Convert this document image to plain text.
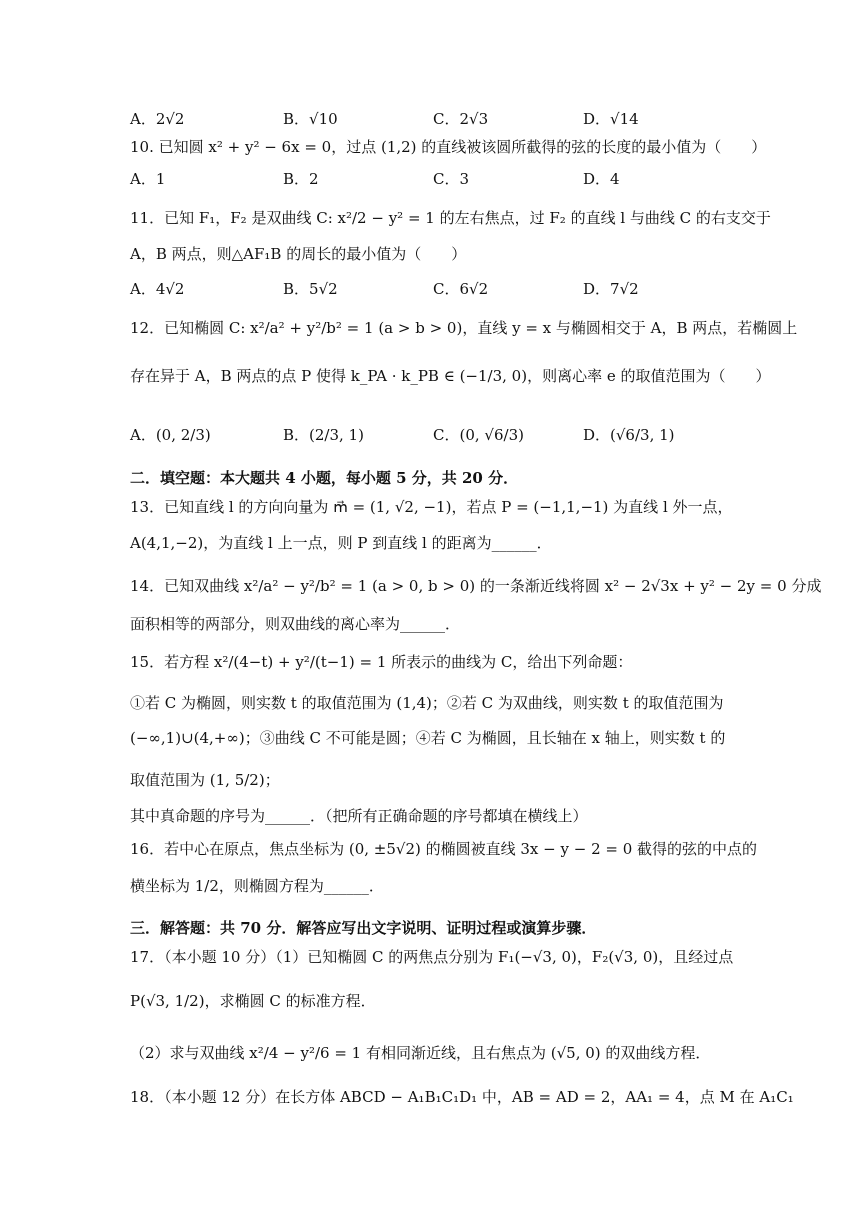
A．2√2	B．√10	C．2√3	D．√14
10. 已知圆 x² + y² − 6x = 0，过点 (1,2) 的直线被该圆所截得的弦的长度的最小值为（　　）
A．1	B．2	C．3	D．4
11．已知 F₁，F₂ 是双曲线 C: x²/2 − y² = 1 的左右焦点，过 F₂ 的直线 l 与曲线 C 的右支交于
A，B 两点，则△AF₁B 的周长的最小值为（　　）
A．4√2	B．5√2	C．6√2	D．7√2
12．已知椭圆 C: x²/a² + y²/b² = 1 (a > b > 0)，直线 y = x 与椭圆相交于 A，B 两点，若椭圆上
存在异于 A，B 两点的点 P 使得 k_PA · k_PB ∈ (−1/3, 0)，则离心率 e 的取值范围为（　　）
A．(0, 2/3)	B．(2/3, 1)	C．(0, √6/3)	D．(√6/3, 1)
二．填空题：本大题共 4 小题，每小题 5 分，共 20 分．
13．已知直线 l 的方向向量为 m⃗ = (1, √2, −1)，若点 P = (−1,1,−1) 为直线 l 外一点，
A(4,1,−2)，为直线 l 上一点，则 P 到直线 l 的距离为______．
14．已知双曲线 x²/a² − y²/b² = 1 (a > 0, b > 0) 的一条渐近线将圆 x² − 2√3x + y² − 2y = 0 分成
面积相等的两部分，则双曲线的离心率为______．
15．若方程 x²/(4−t) + y²/(t−1) = 1 所表示的曲线为 C，给出下列命题：
①若 C 为椭圆，则实数 t 的取值范围为 (1,4)；②若 C 为双曲线，则实数 t 的取值范围为
(−∞,1)∪(4,+∞)；③曲线 C 不可能是圆；④若 C 为椭圆，且长轴在 x 轴上，则实数 t 的
取值范围为 (1, 5/2)；
其中真命题的序号为______．（把所有正确命题的序号都填在横线上）
16．若中心在原点，焦点坐标为 (0, ±5√2) 的椭圆被直线 3x − y − 2 = 0 截得的弦的中点的
横坐标为 1/2，则椭圆方程为______．
三．解答题：共 70 分．解答应写出文字说明、证明过程或演算步骤．
17．（本小题 10 分）（1）已知椭圆 C 的两焦点分别为 F₁(−√3, 0)，F₂(√3, 0)，且经过点
P(√3, 1/2)，求椭圆 C 的标准方程．
（2）求与双曲线 x²/4 − y²/6 = 1 有相同渐近线，且右焦点为 (√5, 0) 的双曲线方程．
18．（本小题 12 分）在长方体 ABCD − A₁B₁C₁D₁ 中，AB = AD = 2，AA₁ = 4，点 M 在 A₁C₁
